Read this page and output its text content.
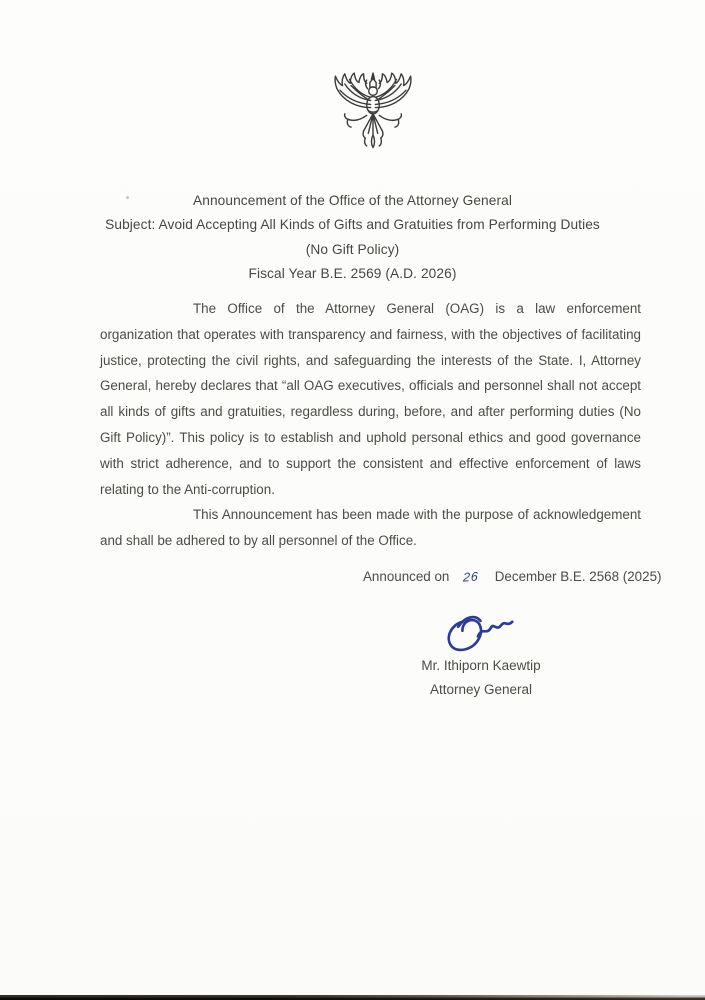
Announcement of the Office of the Attorney General
Subject: Avoid Accepting All Kinds of Gifts and Gratuities from Performing Duties
(No Gift Policy)
Fiscal Year B.E. 2569 (A.D. 2026)

The Office of the Attorney General (OAG) is a law enforcement organization that operates with transparency and fairness, with the objectives of facilitating justice, protecting the civil rights, and safeguarding the interests of the State. I, Attorney General, hereby declares that “all OAG executives, officials and personnel shall not accept all kinds of gifts and gratuities, regardless during, before, and after performing duties (No Gift Policy)”. This policy is to establish and uphold personal ethics and good governance with strict adherence, and to support the consistent and effective enforcement of laws relating to the Anti-corruption.

This Announcement has been made with the purpose of acknowledgement and shall be adhered to by all personnel of the Office.

Announced on 26 December B.E. 2568 (2025)
Mr. Ithiporn Kaewtip
Attorney General
